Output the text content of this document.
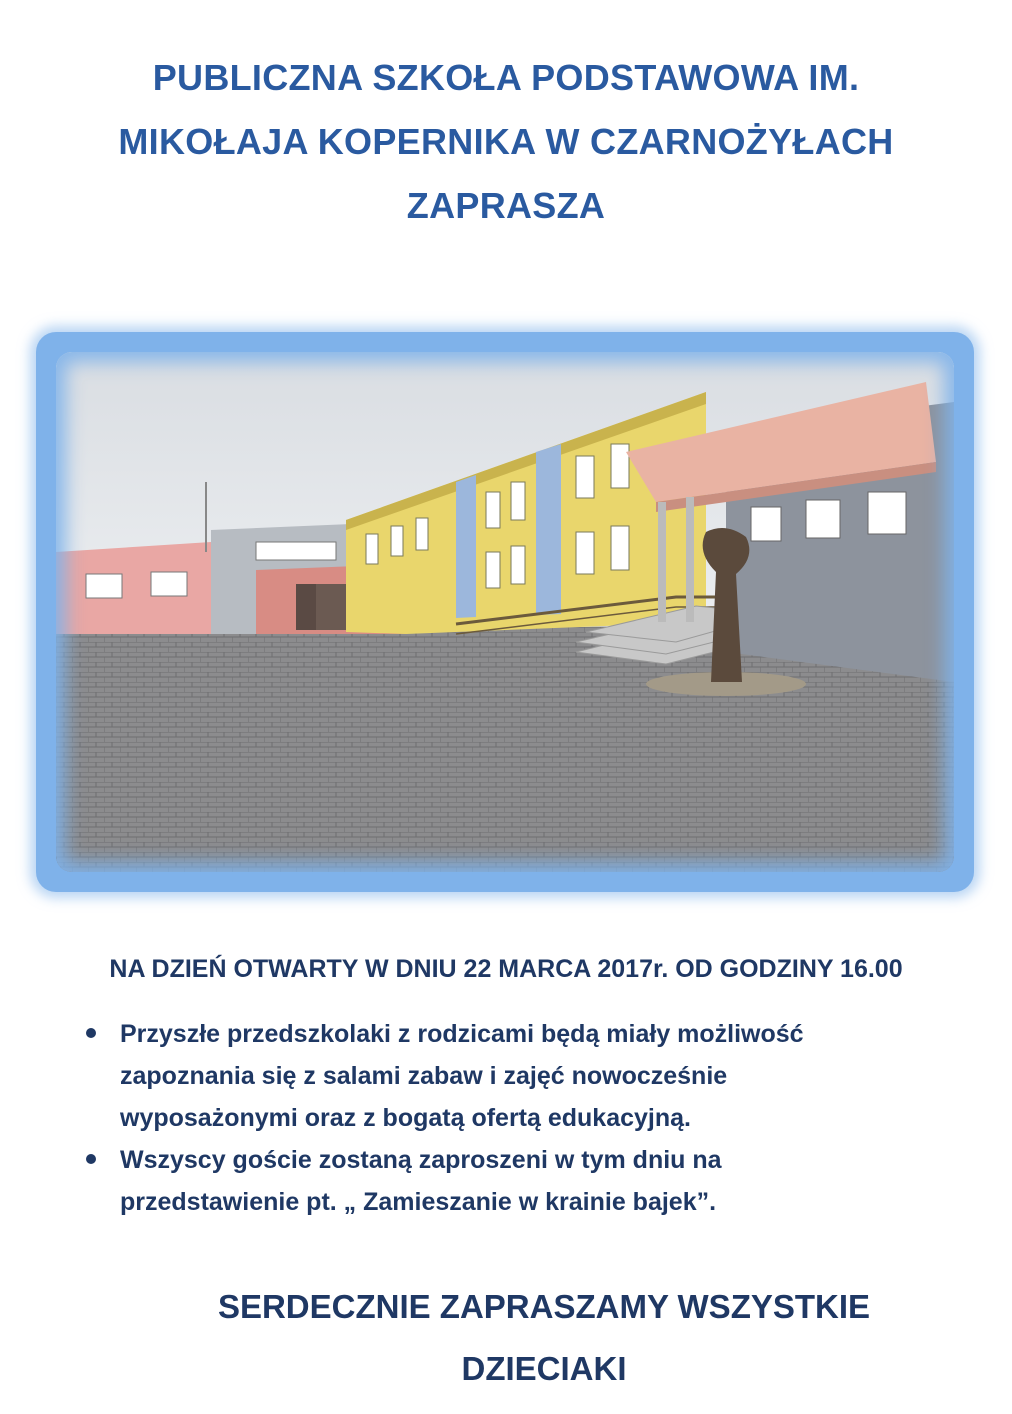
PUBLICZNA SZKOŁA PODSTAWOWA IM.
MIKOŁAJA KOPERNIKA W CZARNOŻYŁACH
ZAPRASZA
NA DZIEŃ OTWARTY W DNIU 22 MARCA 2017r. OD GODZINY 16.00
Przyszłe przedszkolaki z rodzicami będą miały możliwość
zapoznania się z salami zabaw i zajęć nowocześnie
wyposażonymi oraz z bogatą ofertą edukacyjną.
Wszyscy goście zostaną zaproszeni w tym dniu na
przedstawienie pt. „ Zamieszanie w krainie bajek”.
SERDECZNIE ZAPRASZAMY WSZYSTKIE
DZIECIAKI
